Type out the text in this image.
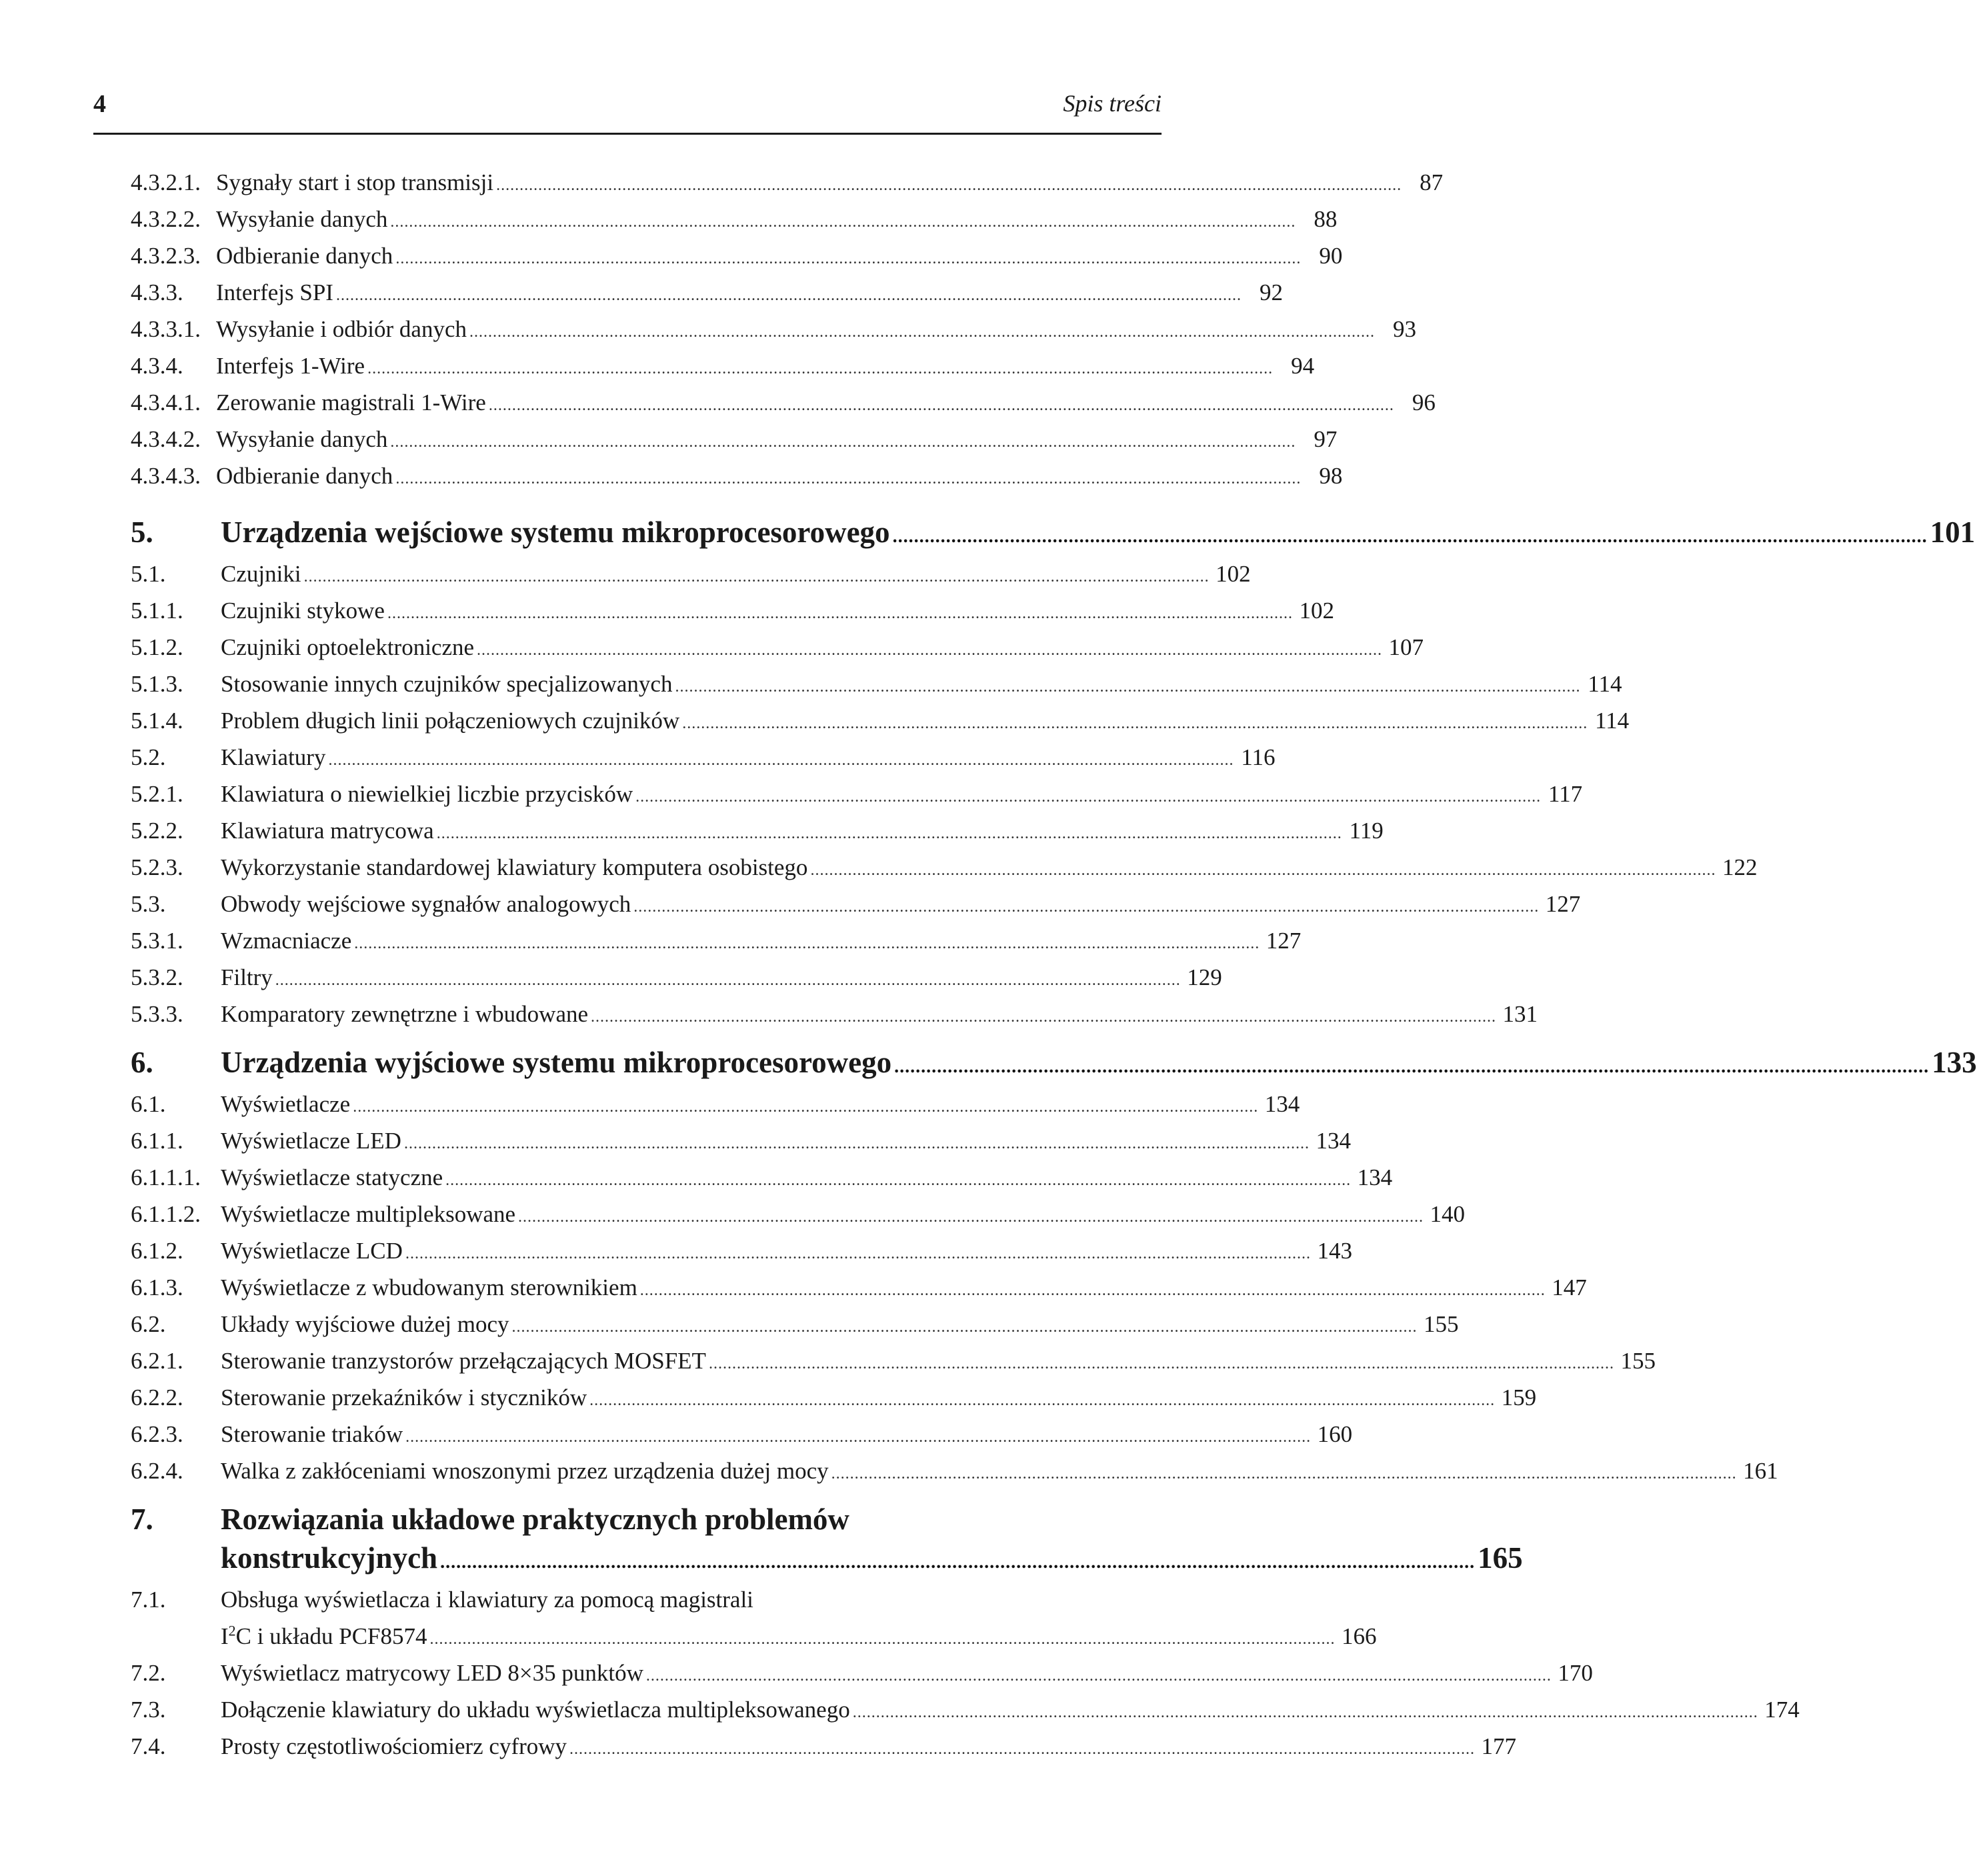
4	Spis treści
4.3.2.1. Sygnały start i stop transmisji .................................................................................................................................................................................................. 87
4.3.2.2. Wysyłanie danych .................................................................................................................................................................................................. 88
4.3.2.3. Odbieranie danych .................................................................................................................................................................................................. 90
4.3.3.	Interfejs SPI .................................................................................................................................................................................................. 92
4.3.3.1. Wysyłanie i odbiór danych .................................................................................................................................................................................................. 93
4.3.4.	Interfejs 1-Wire .................................................................................................................................................................................................. 94
4.3.4.1. Zerowanie magistrali 1-Wire .................................................................................................................................................................................................. 96
4.3.4.2. Wysyłanie danych .................................................................................................................................................................................................. 97
4.3.4.3. Odbieranie danych .................................................................................................................................................................................................. 98
5.	Urządzenia wejściowe systemu mikroprocesorowego .................................................................................................................................................................................................. 101
5.1.	Czujniki .................................................................................................................................................................................................. 102
5.1.1.	Czujniki stykowe .................................................................................................................................................................................................. 102
5.1.2.	Czujniki optoelektroniczne .................................................................................................................................................................................................. 107
5.1.3.	Stosowanie innych czujników specjalizowanych .................................................................................................................................................................................................. 114
5.1.4.	Problem długich linii połączeniowych czujników .................................................................................................................................................................................................. 114
5.2.	Klawiatury .................................................................................................................................................................................................. 116
5.2.1.	Klawiatura o niewielkiej liczbie przycisków .................................................................................................................................................................................................. 117
5.2.2.	Klawiatura matrycowa .................................................................................................................................................................................................. 119
5.2.3.	Wykorzystanie standardowej klawiatury komputera osobistego .................................................................................................................................................................................................. 122
5.3.	Obwody wejściowe sygnałów analogowych .................................................................................................................................................................................................. 127
5.3.1.	Wzmacniacze .................................................................................................................................................................................................. 127
5.3.2.	Filtry .................................................................................................................................................................................................. 129
5.3.3.	Komparatory zewnętrzne i wbudowane .................................................................................................................................................................................................. 131
6.	Urządzenia wyjściowe systemu mikroprocesorowego .................................................................................................................................................................................................. 133
6.1.	Wyświetlacze .................................................................................................................................................................................................. 134
6.1.1.	Wyświetlacze LED .................................................................................................................................................................................................. 134
6.1.1.1. Wyświetlacze statyczne .................................................................................................................................................................................................. 134
6.1.1.2. Wyświetlacze multipleksowane .................................................................................................................................................................................................. 140
6.1.2.	Wyświetlacze LCD .................................................................................................................................................................................................. 143
6.1.3.	Wyświetlacze z wbudowanym sterownikiem .................................................................................................................................................................................................. 147
6.2.	Układy wyjściowe dużej mocy .................................................................................................................................................................................................. 155
6.2.1.	Sterowanie tranzystorów przełączających MOSFET .................................................................................................................................................................................................. 155
6.2.2.	Sterowanie przekaźników i styczników .................................................................................................................................................................................................. 159
6.2.3.	Sterowanie triaków .................................................................................................................................................................................................. 160
6.2.4.	Walka z zakłóceniami wnoszonymi przez urządzenia dużej mocy .................................................................................................................................................................................................. 161
7.	Rozwiązania układowe praktycznych problemów
konstrukcyjnych .................................................................................................................................................................................................. 165
7.1.	Obsługa wyświetlacza i klawiatury za pomocą magistrali
$I^2C$ i układu PCF8574 .................................................................................................................................................................................................. 166
7.2.	Wyświetlacz matrycowy LED 8×35 punktów .................................................................................................................................................................................................. 170
7.3.	Dołączenie klawiatury do układu wyświetlacza multipleksowanego .................................................................................................................................................................................................. 174
7.4.	Prosty częstotliwościomierz cyfrowy .................................................................................................................................................................................................. 177
